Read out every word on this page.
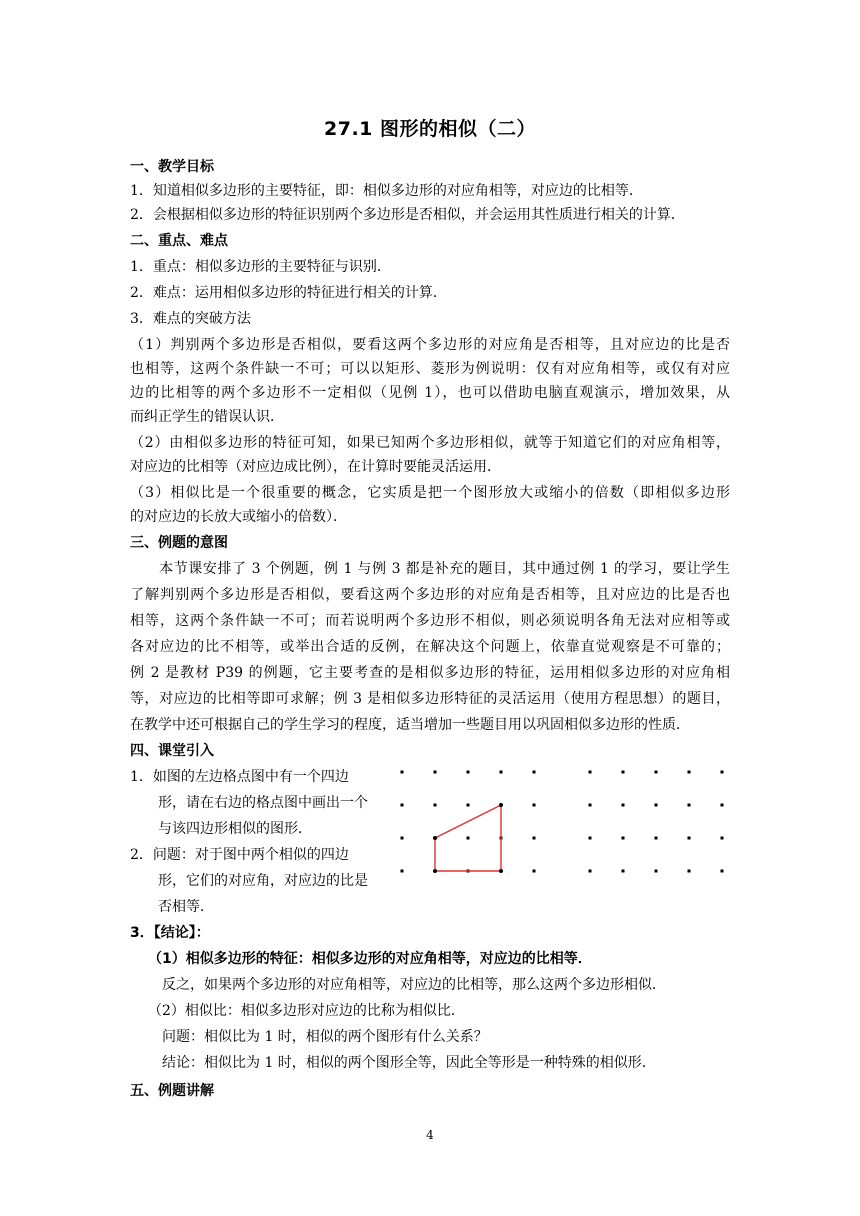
27.1 图形的相似（二）
一、教学目标
1．知道相似多边形的主要特征，即：相似多边形的对应角相等，对应边的比相等．
2．会根据相似多边形的特征识别两个多边形是否相似，并会运用其性质进行相关的计算．
二、重点、难点
1．重点：相似多边形的主要特征与识别．
2．难点：运用相似多边形的特征进行相关的计算．
3．难点的突破方法
（1）判别两个多边形是否相似，要看这两个多边形的对应角是否相等，且对应边的比是否
也相等，这两个条件缺一不可；可以以矩形、菱形为例说明：仅有对应角相等，或仅有对应
边的比相等的两个多边形不一定相似（见例 1），也可以借助电脑直观演示，增加效果，从
而纠正学生的错误认识．
（2）由相似多边形的特征可知，如果已知两个多边形相似，就等于知道它们的对应角相等，
对应边的比相等（对应边成比例），在计算时要能灵活运用．
（3）相似比是一个很重要的概念，它实质是把一个图形放大或缩小的倍数（即相似多边形
的对应边的长放大或缩小的倍数）．
三、例题的意图
　　本节课安排了 3 个例题，例 1 与例 3 都是补充的题目，其中通过例 1 的学习，要让学生
了解判别两个多边形是否相似，要看这两个多边形的对应角是否相等，且对应边的比是否也
相等，这两个条件缺一不可；而若说明两个多边形不相似，则必须说明各角无法对应相等或
各对应边的比不相等，或举出合适的反例，在解决这个问题上，依靠直觉观察是不可靠的；
例 2 是教材 P39 的例题，它主要考查的是相似多边形的特征，运用相似多边形的对应角相
等，对应边的比相等即可求解；例 3 是相似多边形特征的灵活运用（使用方程思想）的题目，
在教学中还可根据自己的学生学习的程度，适当增加一些题目用以巩固相似多边形的性质．
四、课堂引入
1．如图的左边格点图中有一个四边
　　形，请在右边的格点图中画出一个
　　与该四边形相似的图形．
2．问题：对于图中两个相似的四边
　　形，它们的对应角，对应边的比是
　　否相等．
3．【结论】：
（1）相似多边形的特征：相似多边形的对应角相等，对应边的比相等．
反之，如果两个多边形的对应角相等，对应边的比相等，那么这两个多边形相似．
（2）相似比：相似多边形对应边的比称为相似比．
问题：相似比为 1 时，相似的两个图形有什么关系？
结论：相似比为 1 时，相似的两个图形全等，因此全等形是一种特殊的相似形．
五、例题讲解
4
